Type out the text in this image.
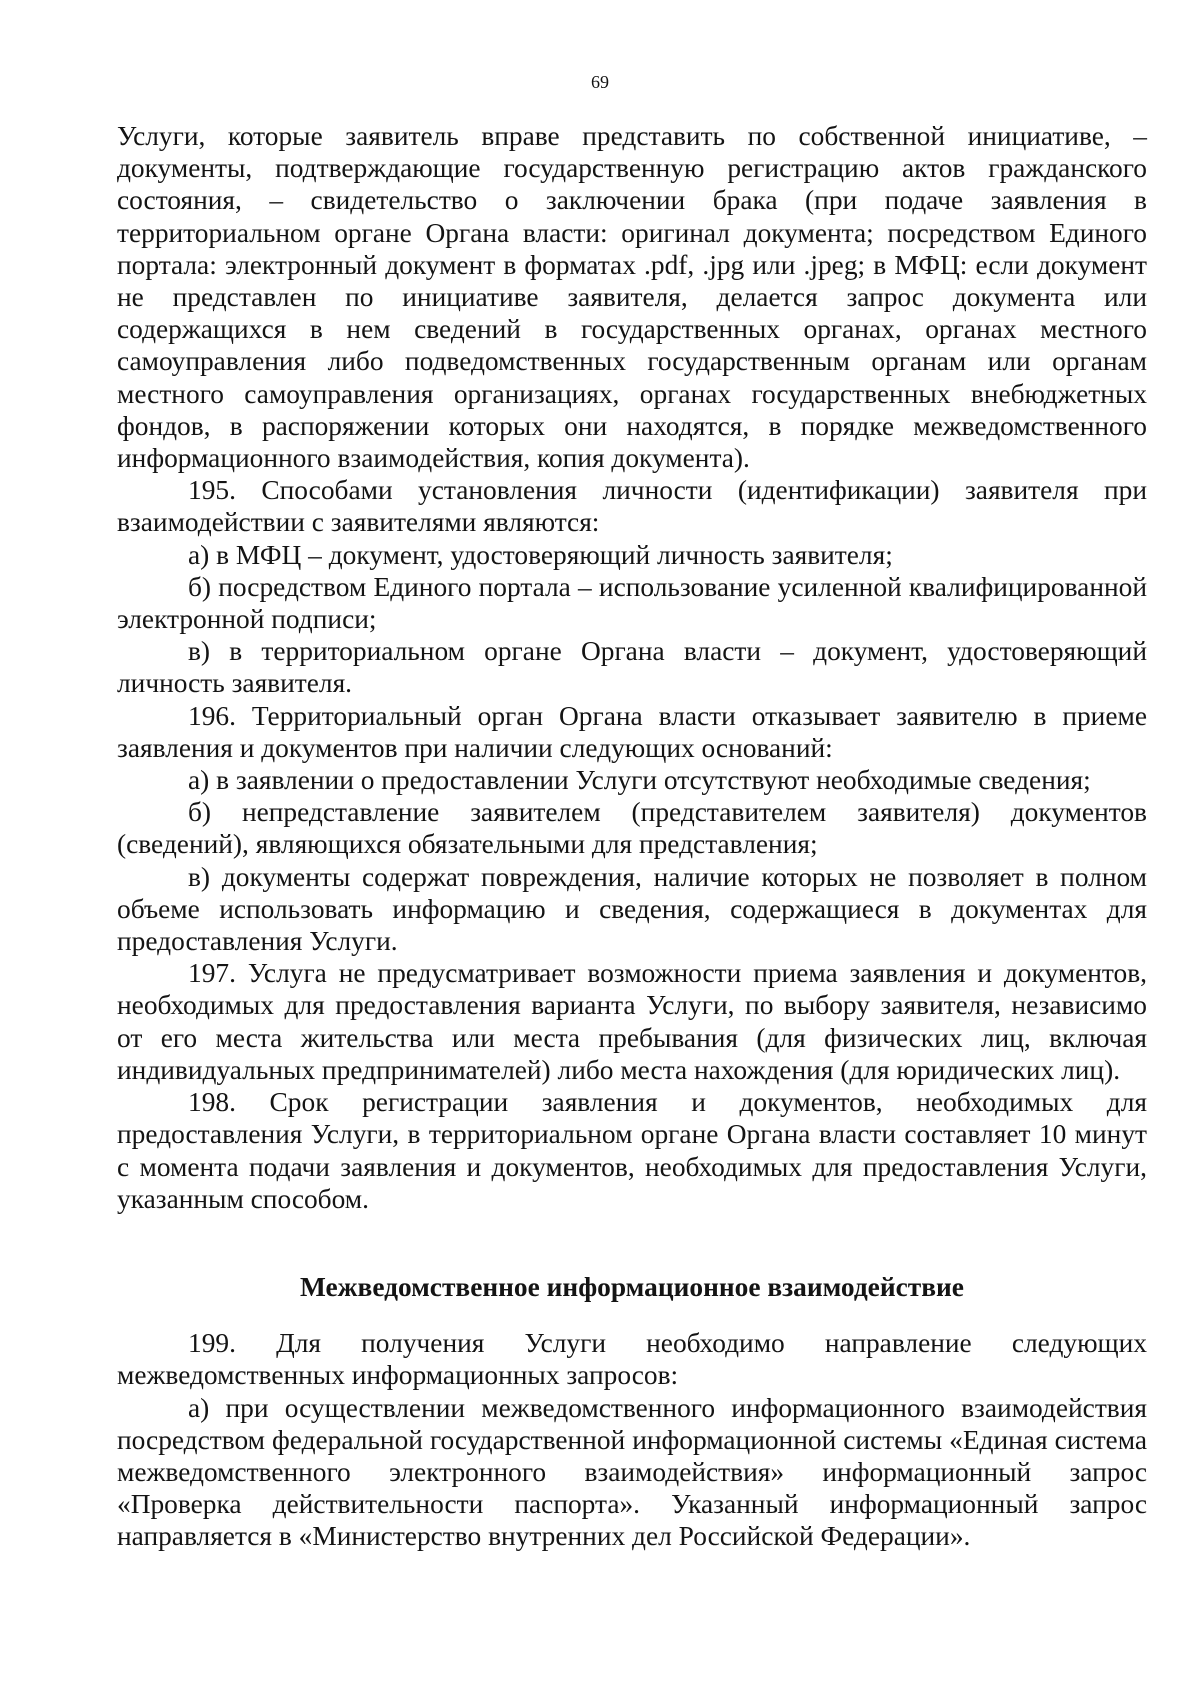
69

Услуги, которые заявитель вправе представить по собственной инициативе, – документы, подтверждающие государственную регистрацию актов гражданского состояния, – свидетельство о заключении брака (при подаче заявления в территориальном органе Органа власти: оригинал документа; посредством Единого портала: электронный документ в форматах .pdf, .jpg или .jpeg; в МФЦ: если документ не представлен по инициативе заявителя, делается запрос документа или содержащихся в нем сведений в государственных органах, органах местного самоуправления либо подведомственных государственным органам или органам местного самоуправления организациях, органах государственных внебюджетных фондов, в распоряжении которых они находятся, в порядке межведомственного информационного взаимодействия, копия документа).

195. Способами установления личности (идентификации) заявителя при взаимодействии с заявителями являются:

а) в МФЦ – документ, удостоверяющий личность заявителя;

б) посредством Единого портала – использование усиленной квалифицированной электронной подписи;

в) в территориальном органе Органа власти – документ, удостоверяющий личность заявителя.

196. Территориальный орган Органа власти отказывает заявителю в приеме заявления и документов при наличии следующих оснований:

а) в заявлении о предоставлении Услуги отсутствуют необходимые сведения;

б) непредставление заявителем (представителем заявителя) документов (сведений), являющихся обязательными для представления;

в) документы содержат повреждения, наличие которых не позволяет в полном объеме использовать информацию и сведения, содержащиеся в документах для предоставления Услуги.

197. Услуга не предусматривает возможности приема заявления и документов, необходимых для предоставления варианта Услуги, по выбору заявителя, независимо от его места жительства или места пребывания (для физических лиц, включая индивидуальных предпринимателей) либо места нахождения (для юридических лиц).

198. Срок регистрации заявления и документов, необходимых для предоставления Услуги, в территориальном органе Органа власти составляет 10 минут с момента подачи заявления и документов, необходимых для предоставления Услуги, указанным способом.

Межведомственное информационное взаимодействие

199. Для получения Услуги необходимо направление следующих межведомственных информационных запросов:

а) при осуществлении межведомственного информационного взаимодействия посредством федеральной государственной информационной системы «Единая система межведомственного электронного взаимодействия» информационный запрос «Проверка действительности паспорта». Указанный информационный запрос направляется в «Министерство внутренних дел Российской Федерации».
